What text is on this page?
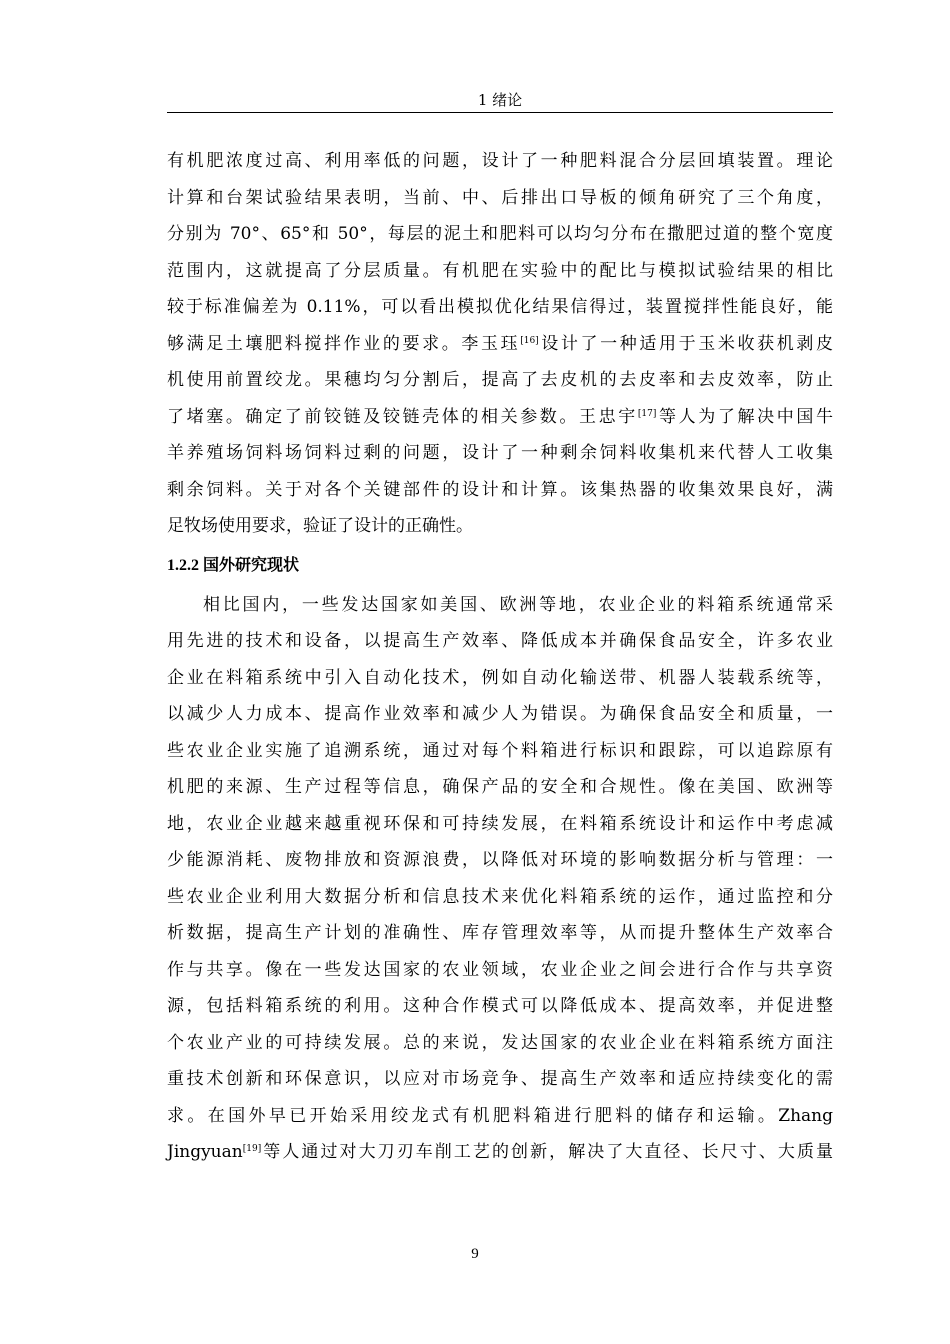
1 绪论
有机肥浓度过高、利用率低的问题，设计了一种肥料混合分层回填装置。理论
计算和台架试验结果表明，当前、中、后排出口导板的倾角研究了三个角度，
分别为 70°、65°和 50°，每层的泥土和肥料可以均匀分布在撒肥过道的整个宽度
范围内，这就提高了分层质量。有机肥在实验中的配比与模拟试验结果的相比
较于标准偏差为 0.11%，可以看出模拟优化结果信得过，装置搅拌性能良好，能
够满足土壤肥料搅拌作业的要求。李玉珏[16]设计了一种适用于玉米收获机剥皮
机使用前置绞龙。果穗均匀分割后，提高了去皮机的去皮率和去皮效率，防止
了堵塞。确定了前铰链及铰链壳体的相关参数。王忠宇[17]等人为了解决中国牛
羊养殖场饲料场饲料过剩的问题，设计了一种剩余饲料收集机来代替人工收集
剩余饲料。关于对各个关键部件的设计和计算。该集热器的收集效果良好，满
足牧场使用要求，验证了设计的正确性。
1.2.2 国外研究现状
相比国内，一些发达国家如美国、欧洲等地，农业企业的料箱系统通常采
用先进的技术和设备，以提高生产效率、降低成本并确保食品安全，许多农业
企业在料箱系统中引入自动化技术，例如自动化输送带、机器人装载系统等，
以减少人力成本、提高作业效率和减少人为错误。为确保食品安全和质量，一
些农业企业实施了追溯系统，通过对每个料箱进行标识和跟踪，可以追踪原有
机肥的来源、生产过程等信息，确保产品的安全和合规性。像在美国、欧洲等
地，农业企业越来越重视环保和可持续发展，在料箱系统设计和运作中考虑减
少能源消耗、废物排放和资源浪费，以降低对环境的影响数据分析与管理：一
些农业企业利用大数据分析和信息技术来优化料箱系统的运作，通过监控和分
析数据，提高生产计划的准确性、库存管理效率等，从而提升整体生产效率合
作与共享。像在一些发达国家的农业领域，农业企业之间会进行合作与共享资
源，包括料箱系统的利用。这种合作模式可以降低成本、提高效率，并促进整
个农业产业的可持续发展。总的来说，发达国家的农业企业在料箱系统方面注
重技术创新和环保意识，以应对市场竞争、提高生产效率和适应持续变化的需
求。在国外早已开始采用绞龙式有机肥料箱进行肥料的储存和运输。Zhang
Jingyuan[19]等人通过对大刀刃车削工艺的创新，解决了大直径、长尺寸、大质量
9
